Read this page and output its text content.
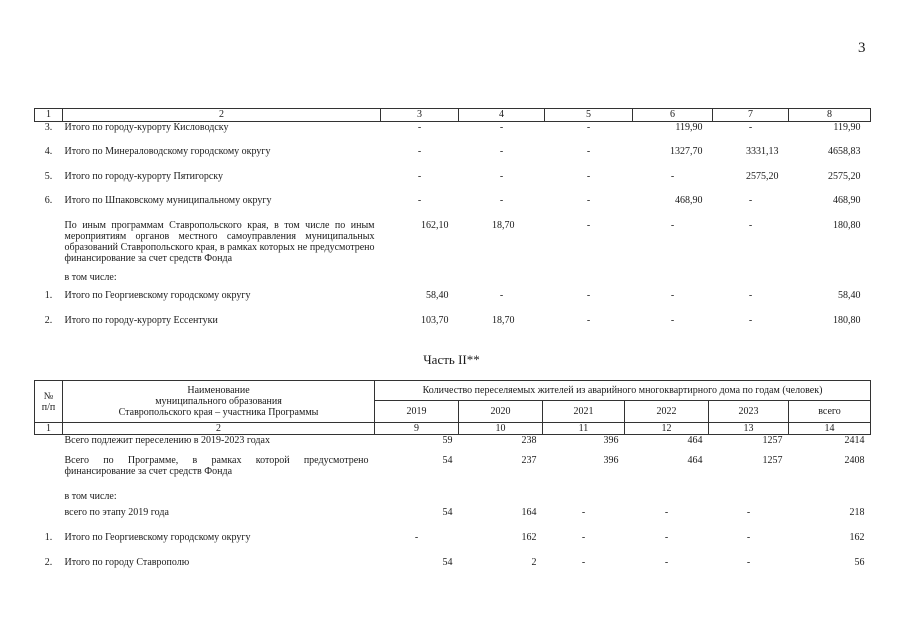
3
1	2	3	4	5	6	7	8
3.	Итого по городу-курорту Кисловодску	-	-	-	119,90	-	119,90
4.	Итого по Минераловодскому городскому округу	-	-	-	1327,70	3331,13	4658,83
5.	Итого по городу-курорту Пятигорску	-	-	-	-	2575,20	2575,20
6.	Итого по Шпаковскому муниципальному округу	-	-	-	468,90	-	468,90
	По иным программам Ставропольского края, в том числе по иным мероприятиям органов местного самоуправления муниципальных образований Ставропольского края, в рамках которых не предусмотрено финансирование за счет средств Фонда	162,10	18,70	-	-	-	180,80
	в том числе:						
1.	Итого по Георгиевскому городскому округу	58,40	-	-	-	-	58,40
2.	Итого по городу-курорту Ессентуки	103,70	18,70	-	-	-	180,80
Часть II**
№
п/п	Наименование
муниципального образования
Ставропольского края – участника Программы	Количество переселяемых жителей из аварийного многоквартирного дома по годам (человек)					
		2019	2020	2021	2022	2023	всего
1	2	9	10	11	12	13	14
	Всего подлежит переселению в 2019-2023 годах	59	238	396	464	1257	2414
	Всего по Программе, в рамках которой предусмотрено финансирование за счет средств Фонда	54	237	396	464	1257	2408
	в том числе:						
	всего по этапу 2019 года	54	164	-	-	-	218
1.	Итого по Георгиевскому городскому округу	-	162	-	-	-	162
2.	Итого по городу Ставрополю	54	2	-	-	-	56
